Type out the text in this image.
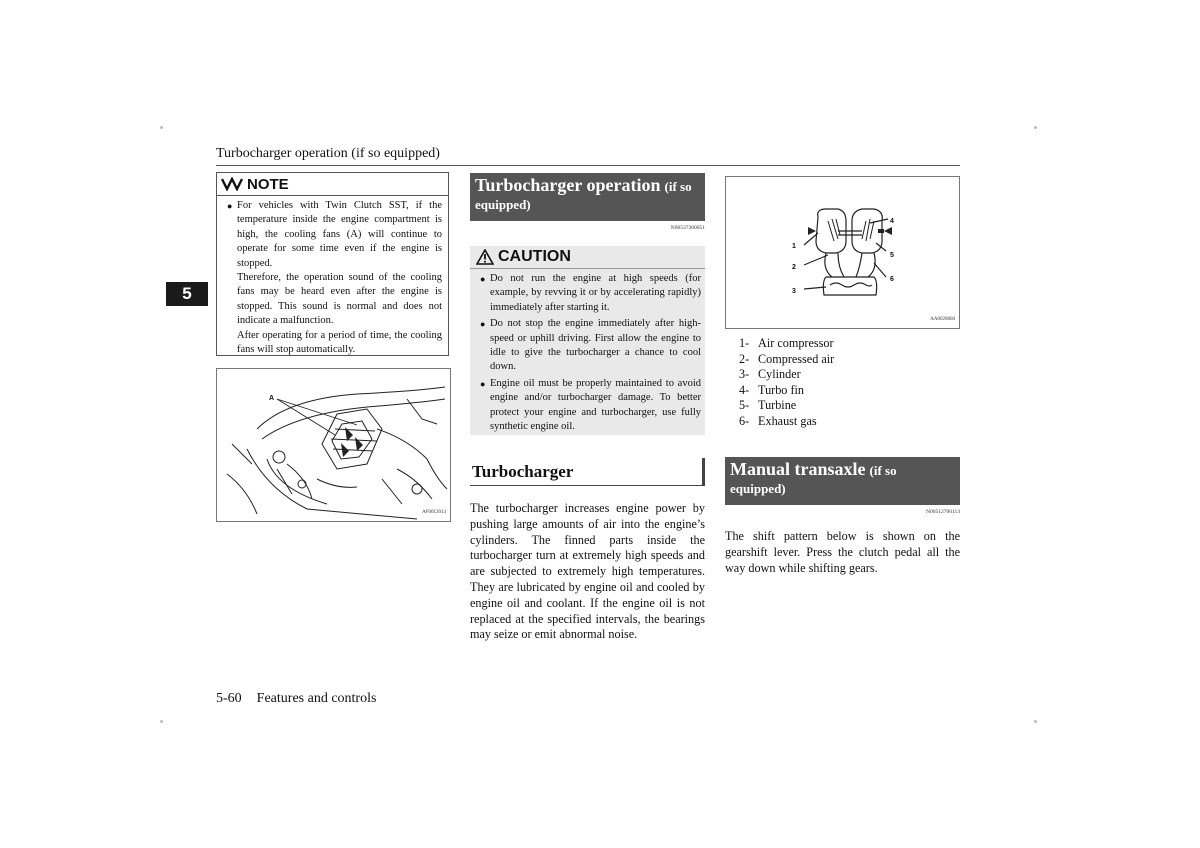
Turbocharger operation (if so equipped)
5
NOTE
● For vehicles with Twin Clutch SST, if the temperature inside the engine compartment is high, the cooling fans (A) will continue to operate for some time even if the engine is stopped.
Therefore, the operation sound of the cooling fans may be heard even after the engine is stopped. This sound is normal and does not indicate a malfunction.
After operating for a period of time, the cooling fans will stop automatically.
A
AF0012013
Turbocharger operation (if so
equipped)
N00537300051
CAUTION
● Do not run the engine at high speeds (for example, by revving it or by accelerating rapidly) immediately after starting it.
● Do not stop the engine immediately after high-speed or uphill driving. First allow the engine to idle to give the turbocharger a chance to cool down.
● Engine oil must be properly maintained to avoid engine and/or turbocharger damage. To better protect your engine and turbocharger, use fully synthetic engine oil.
Turbocharger
The turbocharger increases engine power by pushing large amounts of air into the engine’s cylinders. The finned parts inside the turbocharger turn at extremely high speeds and are subjected to extremely high temperatures. They are lubricated by engine oil and cooled by engine oil and coolant. If the engine oil is not replaced at the specified intervals, the bearings may seize or emit abnormal noise.
1
2
3
4
5
6
AA0020860
1- Air compressor
2- Compressed air
3- Cylinder
4- Turbo fin
5- Turbine
6- Exhaust gas
Manual transaxle (if so
equipped)
N00512700113
The shift pattern below is shown on the gearshift lever. Press the clutch pedal all the way down while shifting gears.
5-60 Features and controls
